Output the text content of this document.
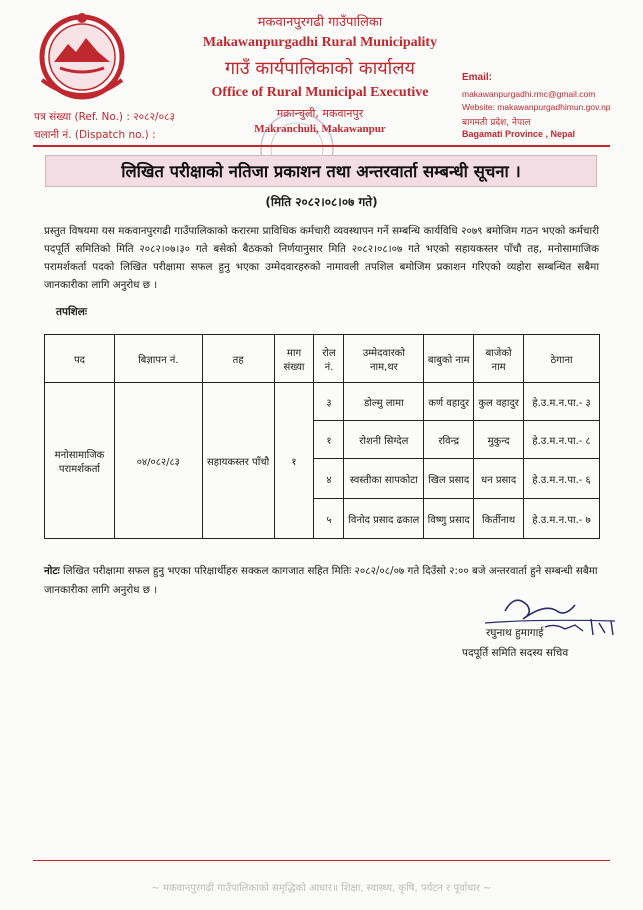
मकवानपुरगढी गाउँपालिका
Makawanpurgadhi Rural Municipality
गाउँ कार्यपालिकाको कार्यालय
Office of Rural Municipal Executive
मक्रान्चुली, मकवानपुर
Makranchuli, Makawanpur
Email:
makawanpurgadhi.rmc@gmail.com
Website: makawanpurgadhimun.gov.np
बागमती प्रदेश, नेपाल
Bagamati Province , Nepal
पत्र संख्या (Ref. No.) : २०८२/०८३
चलानी नं. (Dispatch no.) :
लिखित परीक्षाको नतिजा प्रकाशन तथा अन्तरवार्ता सम्बन्धी सूचना ।
(मिति २०८२।०८।०७ गते)
प्रस्तुत विषयमा यस मकवानपुरगढी गाउँपालिकाको करारमा प्राविधिक कर्मचारी व्यवस्थापन गर्ने सम्बन्धि कार्यविधि २०७९ बमोजिम गठन भएको कर्मचारी पदपूर्ति समितिको मिति २०८२।०७।३० गते बसेको बैठकको निर्णयानुसार मिति २०८२।०८।०७ गते भएको सहायकस्तर पाँचौ तह, मनोसामाजिक परामर्शकर्ता पदको लिखित परीक्षामा सफल हुनु भएका उम्मेदवारहरुको नामावली तपशिल बमोजिम प्रकाशन गरिएको व्यहोरा सम्बन्धित सबैमा जानकारीका लागि अनुरोध छ ।
तपशिलः
पद	बिज्ञापन नं.	तह	माग संख्या	रोल नं.	उम्मेदवारको नाम,थर	बाबुको नाम	बाजेको नाम	ठेगाना
मनोसामाजिक परामर्शकर्ता	०४/०८२/८३	सहायकस्तर पाँचौ	१	३	डोल्मु लामा	कर्ण वहादुर	कुल वहादुर	हे.उ.म.न.पा.- ३
				१	रोशनी सिग्देल	रविन्द्र	मुकुन्द	हे.उ.म.न.पा.- ८
				४	स्वस्तीका सापकोटा	खिल प्रसाद	धन प्रसाद	हे.उ.म.न.पा.- ६
				५	विनोद प्रसाद ढकाल	विष्णु प्रसाद	किर्तीनाथ	हे.उ.म.न.पा.- ७
नोटः लिखित परीक्षामा सफल हुनु भएका परिक्षार्थीहरु सक्कल कागजात सहित मितिः २०८२/०८/०७ गते दिउँसो २:०० बजे अन्तरवार्ता हुने सम्बन्धी सबैमा जानकारीका लागि अनुरोध छ ।
रघुनाथ हुमागाई
पदपूर्ति समिति सदस्य सचिव
~ मकवानपुरगढी गाउँपालिकाको समृद्धिको आधार॥ शिक्षा, स्वास्थ्य, कृषि, पर्यटन र पूर्वाधार ~
